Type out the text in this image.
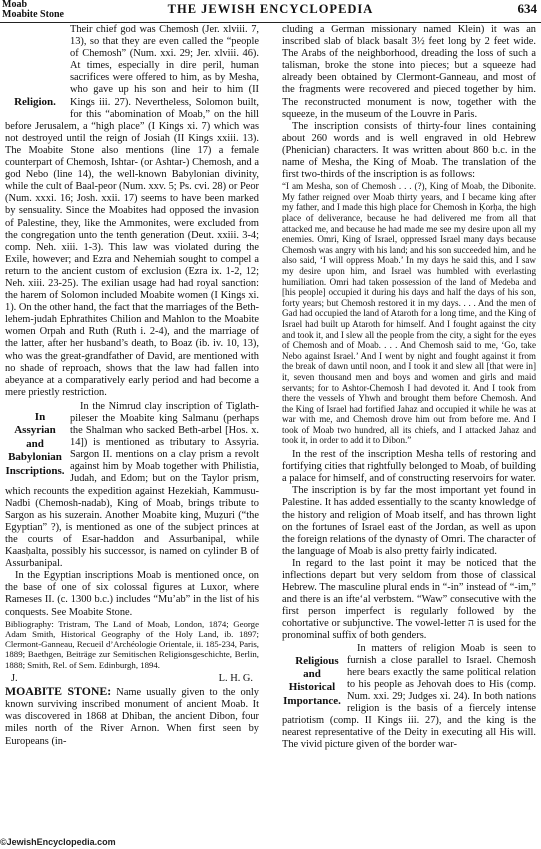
Moab
Moabite Stone	THE JEWISH ENCYCLOPEDIA	634

Religion.
Their chief god was Chemosh (Jer. xlviii. 7, 13), so that they are even called the “people of Chemosh” (Num. xxi. 29; Jer. xlviii. 46). At times, especially in dire peril, human sacrifices were offered to him, as by Mesha, who gave up his son and heir to him (II Kings iii. 27). Nevertheless, Solomon built, for this “abomination of Moab,” on the hill before Jerusalem, a “high place” (I Kings xi. 7) which was not destroyed until the reign of Josiah (II Kings xxiii. 13). The Moabite Stone also mentions (line 17) a female counterpart of Chemosh, Ishtar- (or Ashtar-) Chemosh, and a god Nebo (line 14), the well-known Babylonian divinity, while the cult of Baal-peor (Num. xxv. 5; Ps. cvi. 28) or Peor (Num. xxxi. 16; Josh. xxii. 17) seems to have been marked by sensuality. Since the Moabites had opposed the invasion of Palestine, they, like the Ammonites, were excluded from the congregation unto the tenth generation (Deut. xxiii. 3-4; comp. Neh. xiii. 1-3). This law was violated during the Exile, however; and Ezra and Nehemiah sought to compel a return to the ancient custom of exclusion (Ezra ix. 1-2, 12; Neh. xiii. 23-25). The exilian usage had had royal sanction: the harem of Solomon included Moabite women (I Kings xi. 1). On the other hand, the fact that the marriages of the Beth-lehem-judah Ephrathites Chilion and Mahlon to the Moabite women Orpah and Ruth (Ruth i. 2-4), and the marriage of the latter, after her husband’s death, to Boaz (ib. iv. 10, 13), who was the great-grandfather of David, are mentioned with no shade of reproach, shows that the law had fallen into abeyance at a comparatively early period and had become a mere priestly restriction.

In Assyrian and Babylonian Inscriptions.
In the Nimrud clay inscription of Tiglath-pileser the Moabite king Salmanu (perhaps the Shalman who sacked Beth-arbel [Hos. x. 14]) is mentioned as tributary to Assyria. Sargon II. mentions on a clay prism a revolt against him by Moab together with Philistia, Judah, and Edom; but on the Taylor prism, which recounts the expedition against Hezekiah, Kammusu-Nadbi (Chemosh-nadab), King of Moab, brings tribute to Sargon as his suzerain. Another Moabite king, Muẓuri (“the Egyptian” ?), is mentioned as one of the subject princes at the courts of Esar-haddon and Assurbanipal, while Kaasḥalta, possibly his successor, is named on cylinder B of Assurbanipal.

In the Egyptian inscriptions Moab is mentioned once, on the base of one of six colossal figures at Luxor, where Rameses II. (c. 1300 b.c.) includes “Mu’ab” in the list of his conquests. See Moabite Stone.

Bibliography: Tristram, The Land of Moab, London, 1874; George Adam Smith, Historical Geography of the Holy Land, ib. 1897; Clermont-Ganneau, Recueil d’Archéologie Orientale, ii. 185-234, Paris, 1889; Baethgen, Beiträge zur Semitischen Religionsgeschichte, Berlin, 1888; Smith, Rel. of Sem. Edinburgh, 1894.

J.	L. H. G.

MOABITE STONE: Name usually given to the only known surviving inscribed monument of ancient Moab. It was discovered in 1868 at Dhiban, the ancient Dibon, four miles north of the River Arnon. When first seen by Europeans (in-

cluding a German missionary named Klein) it was an inscribed slab of black basalt 3½ feet long by 2 feet wide. The Arabs of the neighborhood, dreading the loss of such a talisman, broke the stone into pieces; but a squeeze had already been obtained by Clermont-Ganneau, and most of the fragments were recovered and pieced together by him. The reconstructed monument is now, together with the squeeze, in the museum of the Louvre in Paris.

The inscription consists of thirty-four lines containing about 260 words and is well engraved in old Hebrew (Phenician) characters. It was written about 860 b.c. in the name of Mesha, the King of Moab. The translation of the first two-thirds of the inscription is as follows:

“I am Mesha, son of Chemosh . . . (?), King of Moab, the Dibonite. My father reigned over Moab thirty years, and I became king after my father, and I made this high place for Chemosh in Ḳorḥa, the high place of deliverance, because he had delivered me from all that attacked me, and because he had made me see my desire upon all my enemies. Omri, King of Israel, oppressed Israel many days because Chemosh was angry with his land; and his son succeeded him, and he also said, ‘I will oppress Moab.’ In my days he said this, and I saw my desire upon him, and Israel was humbled with everlasting humiliation. Omri had taken possession of the land of Medeba and [his people] occupied it during his days and half the days of his son, forty years; but Chemosh restored it in my days. . . . And the men of Gad had occupied the land of Ataroth for a long time, and the King of Israel had built up Ataroth for himself. And I fought against the city and took it, and I slew all the people from the city, a sight for the eyes of Chemosh and of Moab. . . . And Chemosh said to me, ‘Go, take Nebo against Israel.’ And I went by night and fought against it from the break of dawn until noon, and I took it and slew all [that were in] it, seven thousand men and boys and women and girls and maid servants; for to Ashtor-Chemosh I had devoted it. And I took from there the vessels of Yhwh and brought them before Chemosh. And the King of Israel had fortified Jahaz and occupied it while he was at war with me, and Chemosh drove him out from before me. And I took of Moab two hundred, all its chiefs, and I attacked Jahaz and took it, in order to add it to Dibon.”

In the rest of the inscription Mesha tells of restoring and fortifying cities that rightfully belonged to Moab, of building a palace for himself, and of constructing reservoirs for water.

The inscription is by far the most important yet found in Palestine. It has added essentially to the scanty knowledge of the history and religion of Moab itself, and has thrown light on the fortunes of Israel east of the Jordan, as well as upon the foreign relations of the dynasty of Omri. The character of the language of Moab is also pretty fairly indicated.

In regard to the last point it may be noticed that the inflections depart but very seldom from those of classical Hebrew. The masculine plural ends in “-in” instead of “-im,” and there is an ifte‘al verbstem. “Waw” consecutive with the first person imperfect is regularly followed by the cohortative or subjunctive. The vowel-letter ה is used for the pronominal suffix of both genders.

Religious and Historical Importance.
In matters of religion Moab is seen to furnish a close parallel to Israel. Chemosh here bears exactly the same political relation to his people as Jehovah does to His (comp. Num. xxi. 29; Judges xi. 24). In both nations religion is the basis of a fiercely intense patriotism (comp. II Kings iii. 27), and the king is the nearest representative of the Deity in executing all His will. The vivid picture given of the border war-

©JewishEncyclopedia.com
